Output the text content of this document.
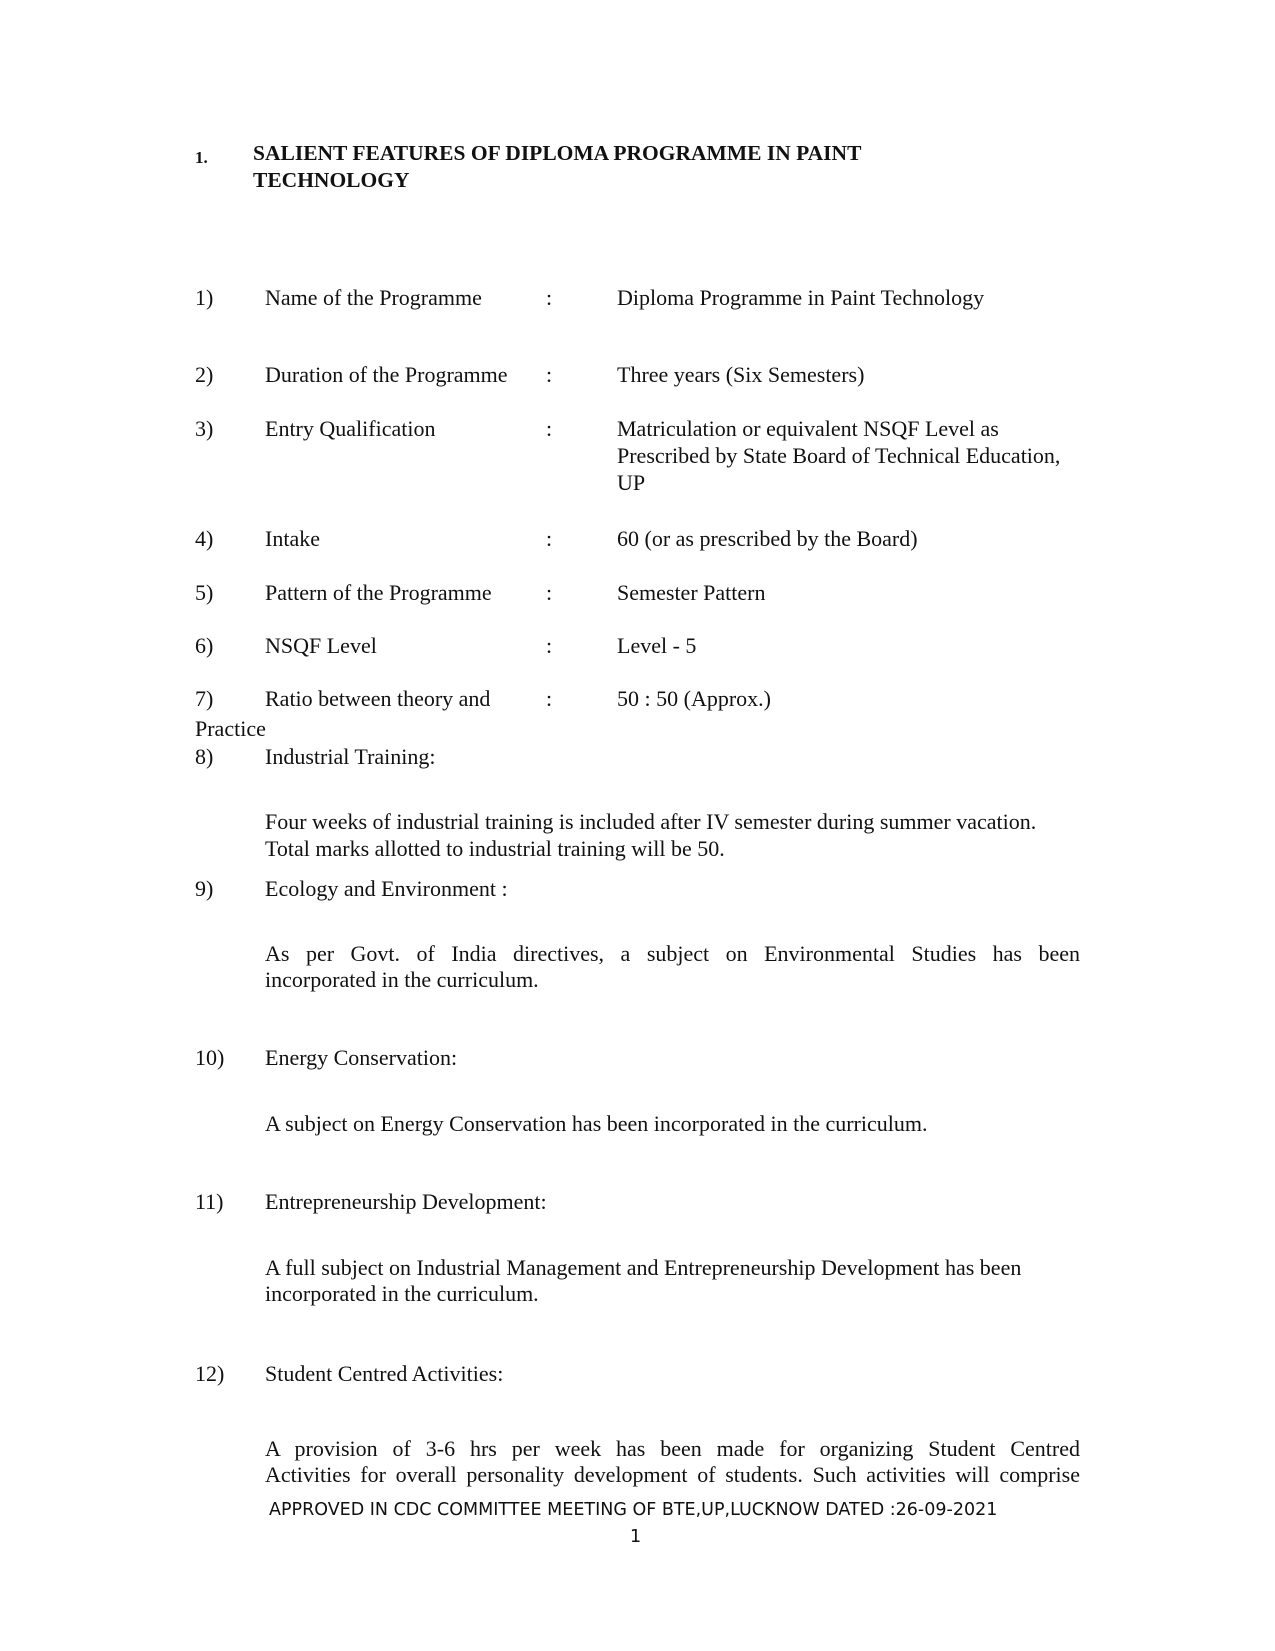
1. SALIENT FEATURES OF DIPLOMA PROGRAMME IN PAINT
TECHNOLOGY
1) Name of the Programme	:	Diploma Programme in Paint Technology
2) Duration of the Programme :	Three years (Six Semesters)
3) Entry Qualification	:	Matriculation or equivalent NSQF Level as
Prescribed by State Board of Technical Education,
UP
4) Intake	:	60 (or as prescribed by the Board)
5) Pattern of the Programme :	Semester Pattern
6) NSQF Level	:	Level - 5
7) Ratio between theory and	:	50 : 50 (Approx.)
Practice
8) Industrial Training:
Four weeks of industrial training is included after IV semester during summer vacation.
Total marks allotted to industrial training will be 50.
9) Ecology and Environment :
As per Govt. of India directives, a subject on Environmental Studies has been
incorporated in the curriculum.
10) Energy Conservation:
A subject on Energy Conservation has been incorporated in the curriculum.
11) Entrepreneurship Development:
A full subject on Industrial Management and Entrepreneurship Development has been
incorporated in the curriculum.
12) Student Centred Activities:
A provision of 3-6 hrs per week has been made for organizing Student Centred
Activities for overall personality development of students. Such activities will comprise
APPROVED IN CDC COMMITTEE MEETING OF BTE,UP,LUCKNOW DATED :26-09-2021
1
